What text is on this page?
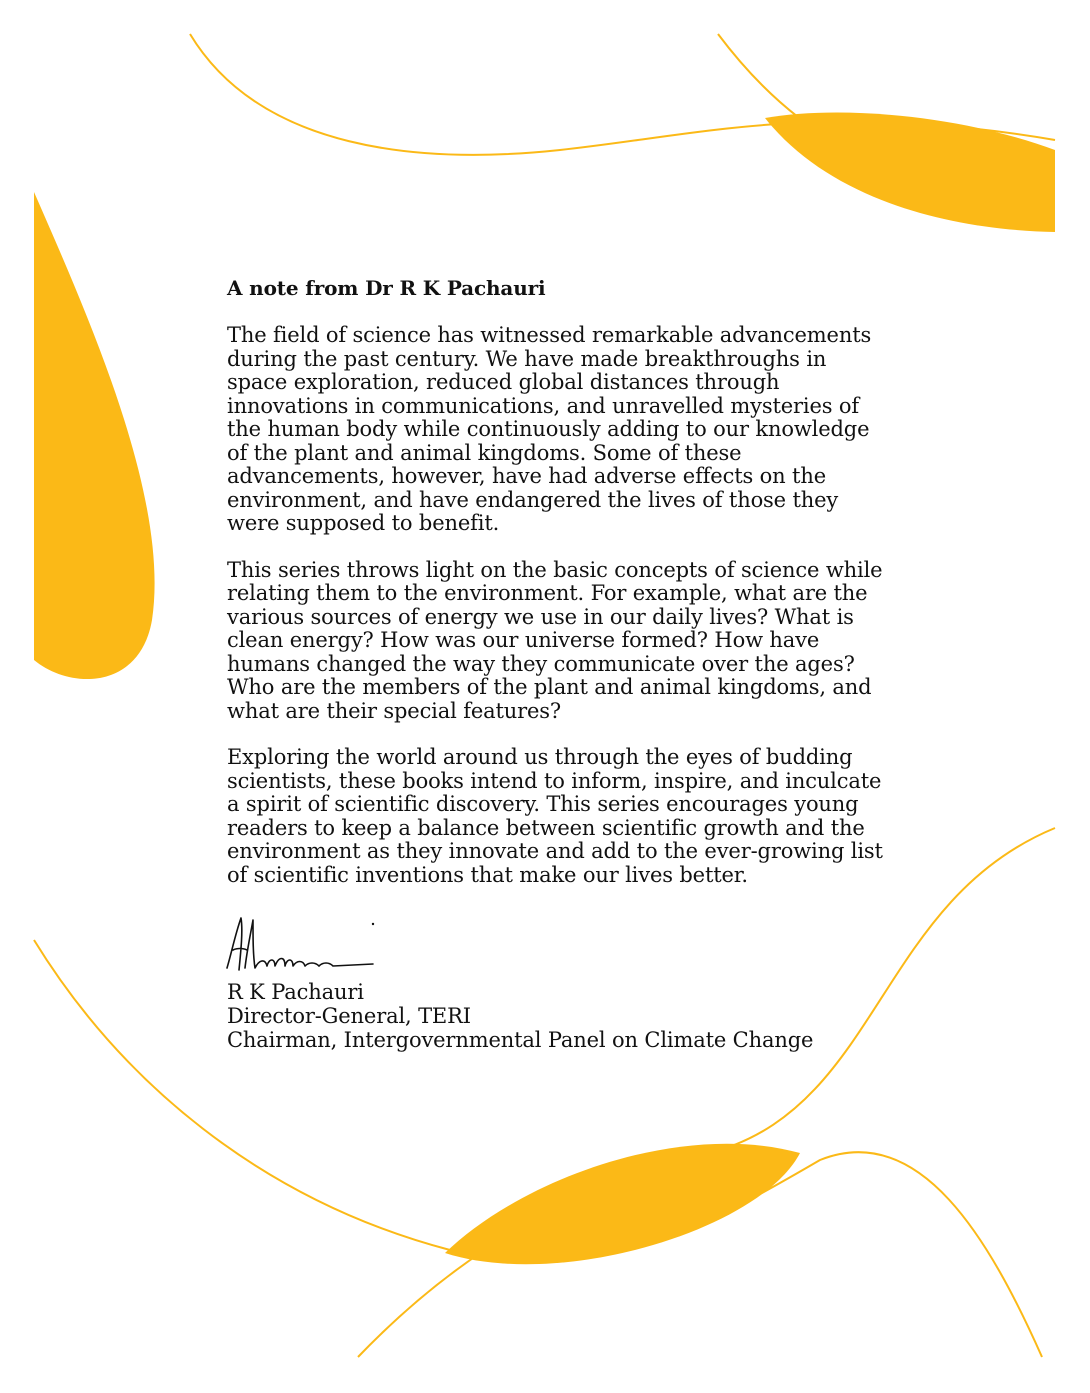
A note from Dr R K Pachauri

The field of science has witnessed remarkable advancements during the past century. We have made breakthroughs in space exploration, reduced global distances through innovations in communications, and unravelled mysteries of the human body while continuously adding to our knowledge of the plant and animal kingdoms. Some of these advancements, however, have had adverse effects on the environment, and have endangered the lives of those they were supposed to benefit.

This series throws light on the basic concepts of science while relating them to the environment. For example, what are the various sources of energy we use in our daily lives? What is clean energy? How was our universe formed? How have humans changed the way they communicate over the ages? Who are the members of the plant and animal kingdoms, and what are their special features?

Exploring the world around us through the eyes of budding scientists, these books intend to inform, inspire, and inculcate a spirit of scientific discovery. This series encourages young readers to keep a balance between scientific growth and the environment as they innovate and add to the ever-growing list of scientific inventions that make our lives better.

R K Pachauri
Director-General, TERI
Chairman, Intergovernmental Panel on Climate Change
